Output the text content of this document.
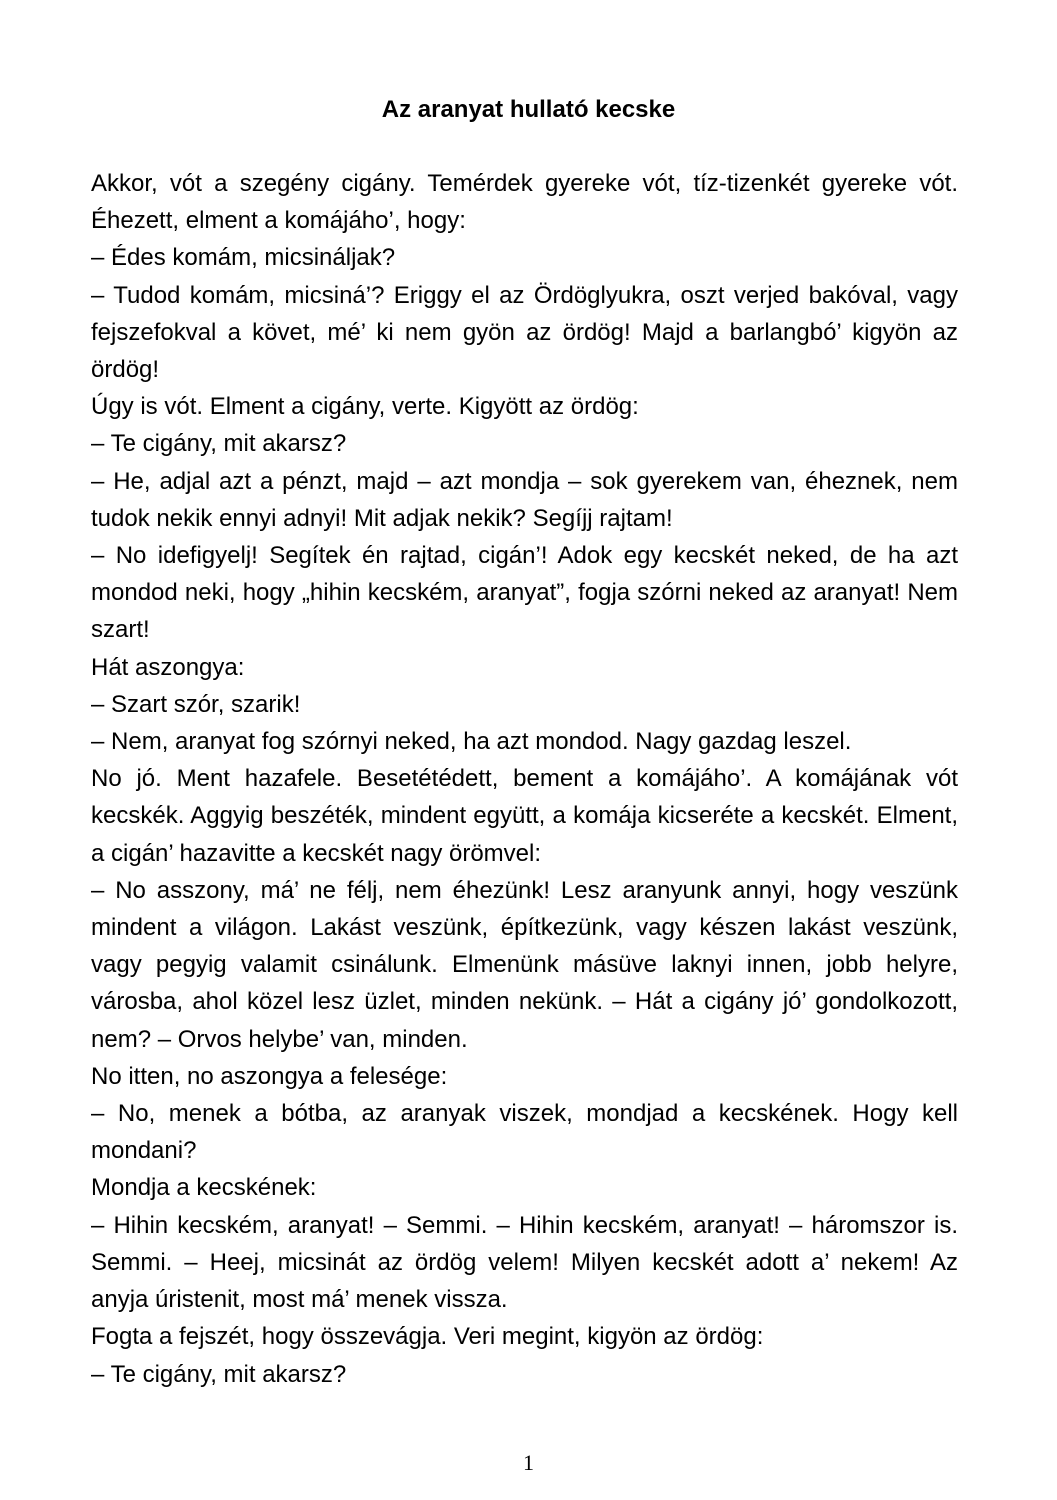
Az aranyat hullató kecske

Akkor, vót a szegény cigány. Temérdek gyereke vót, tíz-tizenkét gyereke vót. Éhezett, elment a komájáho’, hogy:

– Édes komám, micsináljak?

– Tudod komám, micsiná’? Eriggy el az Ördöglyukra, oszt verjed bakóval, vagy fejszefokval a követ, mé’ ki nem gyön az ördög! Majd a barlangbó’ kigyön az ördög!

Úgy is vót. Elment a cigány, verte. Kigyött az ördög:

– Te cigány, mit akarsz?

– He, adjal azt a pénzt, majd – azt mondja – sok gyerekem van, éheznek, nem tudok nekik ennyi adnyi! Mit adjak nekik? Segíjj rajtam!

– No idefigyelj! Segítek én rajtad, cigán’! Adok egy kecskét neked, de ha azt mondod neki, hogy „hihin kecském, aranyat”, fogja szórni neked az aranyat! Nem szart!

Hát aszongya:

– Szart szór, szarik!

– Nem, aranyat fog szórnyi neked, ha azt mondod. Nagy gazdag leszel.

No jó. Ment hazafele. Besetétédett, bement a komájáho’. A komájának vót kecskék. Aggyig beszéték, mindent együtt, a komája kicseréte a kecskét. Elment, a cigán’ hazavitte a kecskét nagy örömvel:

– No asszony, má’ ne félj, nem éhezünk! Lesz aranyunk annyi, hogy veszünk mindent a világon. Lakást veszünk, építkezünk, vagy készen lakást veszünk, vagy pegyig valamit csinálunk. Elmenünk másüve laknyi innen, jobb helyre, városba, ahol közel lesz üzlet, minden nekünk. – Hát a cigány jó’ gondolkozott, nem? – Orvos helybe’ van, minden.

No itten, no aszongya a felesége:

– No, menek a bótba, az aranyak viszek, mondjad a kecskének. Hogy kell mondani?

Mondja a kecskének:

– Hihin kecském, aranyat! – Semmi. – Hihin kecském, aranyat! – háromszor is. Semmi. – Heej, micsinát az ördög velem! Milyen kecskét adott a’ nekem! Az anyja úristenit, most má’ menek vissza.

Fogta a fejszét, hogy összevágja. Veri megint, kigyön az ördög:

– Te cigány, mit akarsz?

1
